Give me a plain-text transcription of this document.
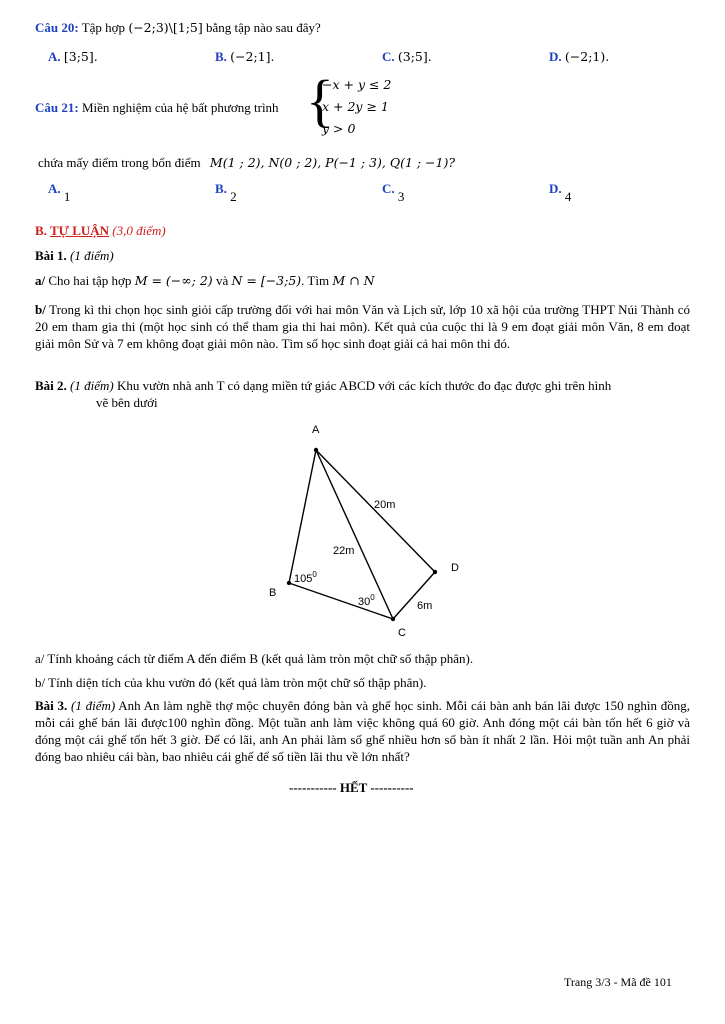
Câu 20: Tập hợp (−2;3)\[1;5] bằng tập nào sau đây?
A. [3;5].	B. (−2;1].	C. (3;5].	D. (−2;1).
Câu 21: Miền nghiệm của hệ bất phương trình {
−x + y ≤ 2
x + 2y ≥ 1
y > 0
chứa mấy điểm trong bốn điểm M(1 ; 2), N(0 ; 2), P(−1 ; 3), Q(1 ; −1)?
A. 1
B. 2
C. 3
D. 4
B. TỰ LUẬN (3,0 điểm)
Bài 1. (1 điểm)
a/ Cho hai tập hợp M = (−∞; 2) và N = [−3;5). Tìm M ∩ N
b/ Trong kì thi chọn học sinh giỏi cấp trường đối với hai môn Văn và Lịch sử, lớp 10 xã hội của trường THPT Núi Thành có 20 em tham gia thi (một học sinh có thể tham gia thi hai môn). Kết quả của cuộc thi là 9 em đoạt giải môn Văn, 8 em đoạt giải môn Sử và 7 em không đoạt giải môn nào. Tìm số học sinh đoạt giải cả hai môn thi đó.
Bài 2. (1 điểm) Khu vườn nhà anh T có dạng miền tứ giác ABCD với các kích thước đo đạc được ghi trên hình
vẽ bên dưới
A
B
C
D
20m
22m
6m
$105^0$
$30^0$
a/ Tính khoảng cách từ điểm A đến điểm B (kết quả làm tròn một chữ số thập phân).
b/ Tính diện tích của khu vườn đó (kết quả làm tròn một chữ số thập phân).
Bài 3. (1 điểm) Anh An làm nghề thợ mộc chuyên đóng bàn và ghế học sinh. Mỗi cái bàn anh bán lãi được 150 nghìn đồng, mỗi cái ghế bán lãi được100 nghìn đồng. Một tuần anh làm việc không quá 60 giờ. Anh đóng một cái bàn tốn hết 6 giờ và đóng một cái ghế tốn hết 3 giờ. Để có lãi, anh An phải làm số ghế nhiều hơn số bàn ít nhất 2 lần. Hỏi một tuần anh An phải đóng bao nhiêu cái bàn, bao nhiêu cái ghế để số tiền lãi thu về lớn nhất?
----------- HẾT ----------
Trang 3/3 - Mã đề 101
